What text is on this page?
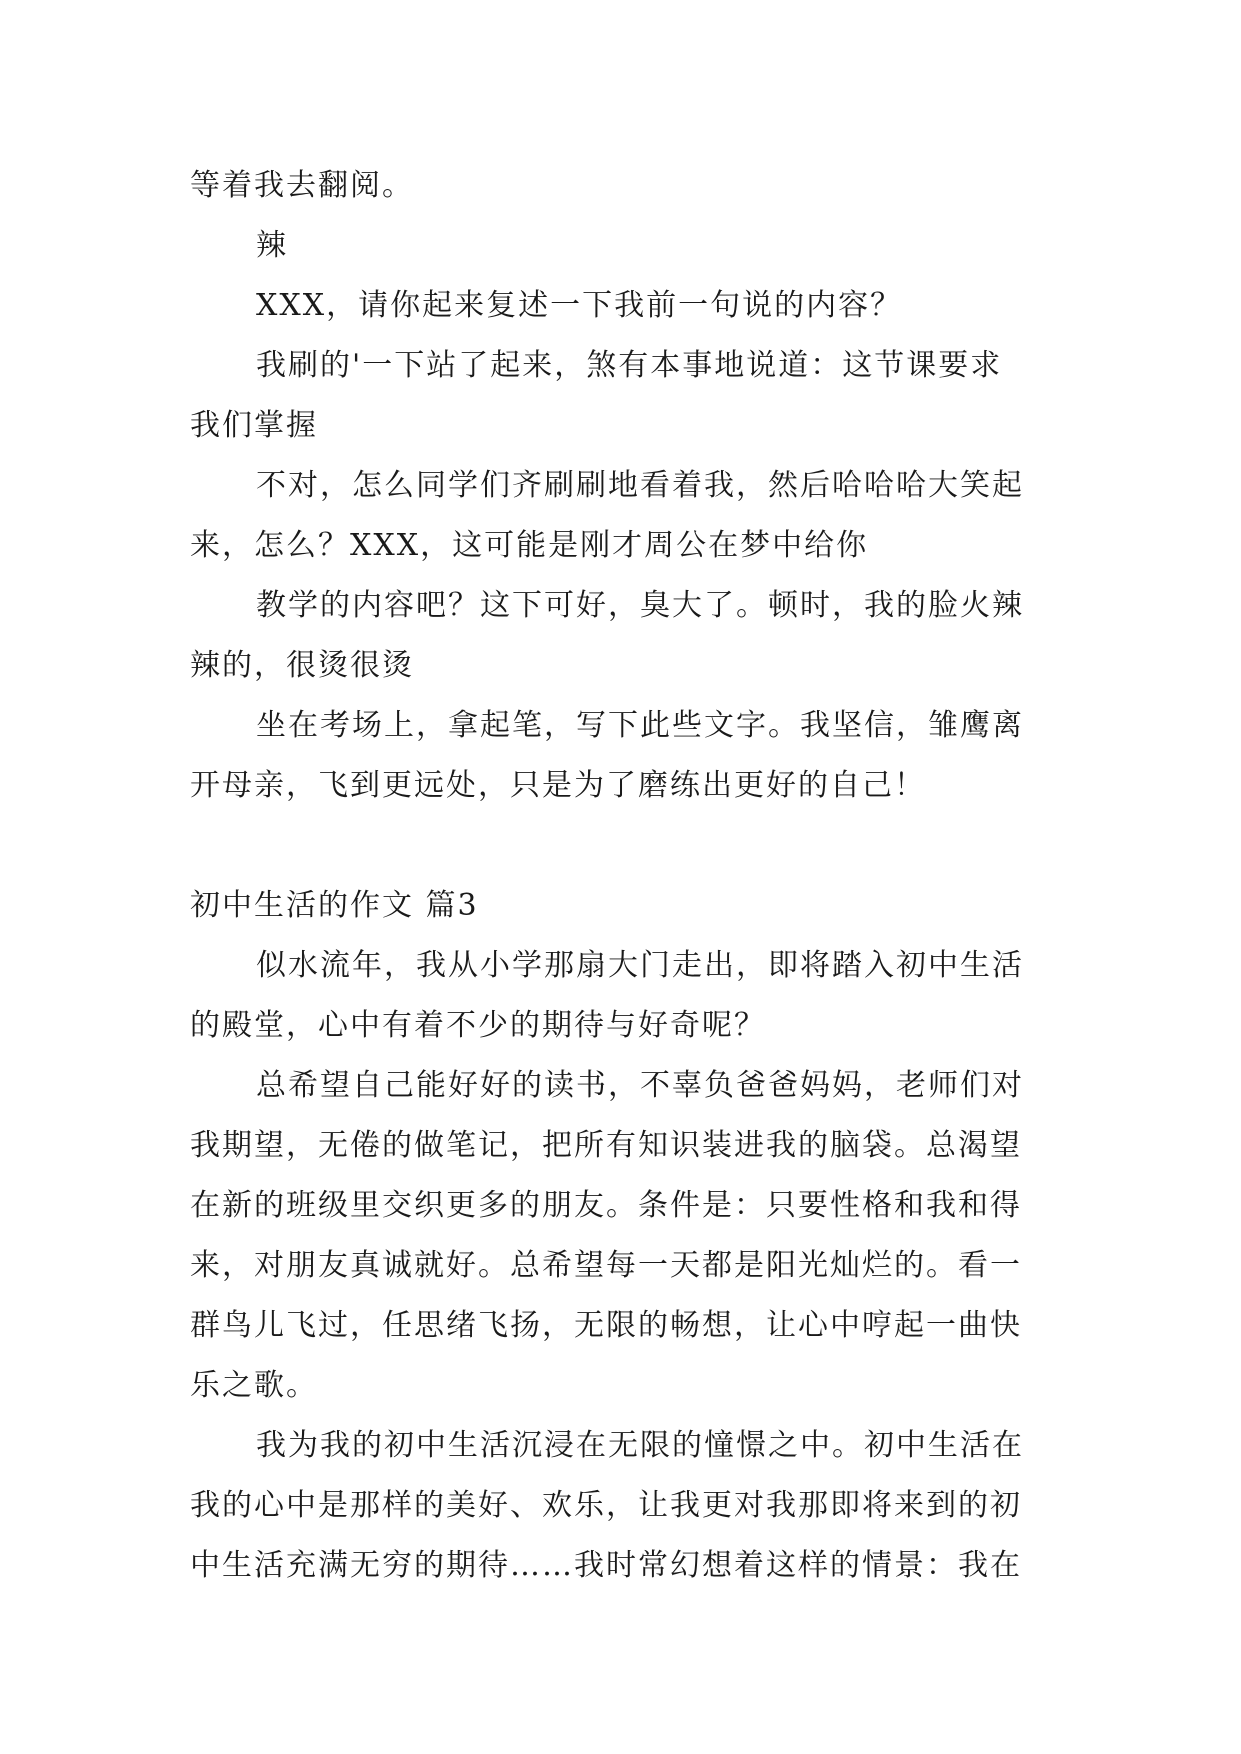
等着我去翻阅。

辣

XXX，请你起来复述一下我前一句说的内容？

我刷的'一下站了起来，煞有本事地说道：这节课要求
我们掌握

不对，怎么同学们齐刷刷地看着我，然后哈哈哈大笑起
来，怎么？XXX，这可能是刚才周公在梦中给你

教学的内容吧？这下可好，臭大了。顿时，我的脸火辣
辣的，很烫很烫

坐在考场上，拿起笔，写下此些文字。我坚信，雏鹰离
开母亲，飞到更远处，只是为了磨练出更好的自己！

初中生活的作文 篇3

似水流年，我从小学那扇大门走出，即将踏入初中生活
的殿堂，心中有着不少的期待与好奇呢？

总希望自己能好好的读书，不辜负爸爸妈妈，老师们对
我期望，无倦的做笔记，把所有知识装进我的脑袋。总渴望
在新的班级里交织更多的朋友。条件是：只要性格和我和得
来，对朋友真诚就好。总希望每一天都是阳光灿烂的。看一
群鸟儿飞过，任思绪飞扬，无限的畅想，让心中哼起一曲快
乐之歌。

我为我的初中生活沉浸在无限的憧憬之中。初中生活在
我的心中是那样的美好、欢乐，让我更对我那即将来到的初
中生活充满无穷的期待……我时常幻想着这样的情景：我在
